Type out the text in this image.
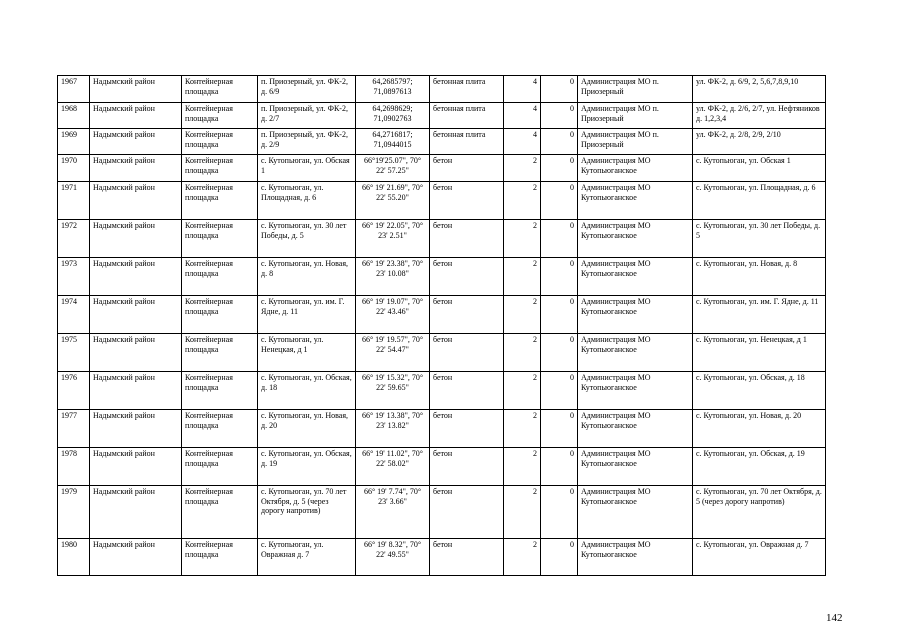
1967	Надымский район	Контейнерная площадка	п. Приозерный, ул. ФК-2, д. 6/9	64,2685797; 71,0897613	бетонная плита	4	0	Администрация МО п. Приозерный	ул. ФК-2, д. 6/9, 2, 5,6,7,8,9,10
1968	Надымский район	Контейнерная площадка	п. Приозерный, ул. ФК-2, д. 2/7	64,2698629; 71,0902763	бетонная плита	4	0	Администрация МО п. Приозерный	ул. ФК-2, д. 2/6, 2/7, ул. Нефтяников д. 1,2,3,4
1969	Надымский район	Контейнерная площадка	п. Приозерный, ул. ФК-2, д. 2/9	64,2716817; 71,0944015	бетонная плита	4	0	Администрация МО п. Приозерный	ул. ФК-2, д. 2/8, 2/9, 2/10
1970	Надымский район	Контейнерная площадка	с. Кутопьюган, ул. Обская 1	66°19'25.07", 70° 22' 57.25"	бетон	2	0	Администрация МО Кутопьюганское	с. Кутопьюган, ул. Обская 1
1971	Надымский район	Контейнерная площадка	с. Кутопьюган, ул. Площадная, д. 6	66° 19' 21.69", 70° 22' 55.20"	бетон	2	0	Администрация МО Кутопьюганское	с. Кутопьюган, ул. Площадная, д. 6
1972	Надымский район	Контейнерная площадка	с. Кутопьюган, ул. 30 лет Победы, д. 5	66° 19' 22.05", 70° 23' 2.51"	бетон	2	0	Администрация МО Кутопьюганское	с. Кутопьюган, ул. 30 лет Победы, д. 5
1973	Надымский район	Контейнерная площадка	с. Кутопьюган, ул. Новая, д. 8	66° 19' 23.38", 70° 23' 10.08"	бетон	2	0	Администрация МО Кутопьюганское	с. Кутопьюган, ул. Новая, д. 8
1974	Надымский район	Контейнерная площадка	с. Кутопьюган, ул. им. Г. Ядне, д. 11	66° 19' 19.07", 70° 22' 43.46"	бетон	2	0	Администрация МО Кутопьюганское	с. Кутопьюган, ул. им. Г. Ядне, д. 11
1975	Надымский район	Контейнерная площадка	с. Кутопьюган, ул. Ненецкая, д 1	66° 19' 19.57", 70° 22' 54.47"	бетон	2	0	Администрация МО Кутопьюганское	с. Кутопьюган, ул. Ненецкая, д 1
1976	Надымский район	Контейнерная площадка	с. Кутопьюган, ул. Обская, д. 18	66° 19' 15.32", 70° 22' 59.65"	бетон	2	0	Администрация МО Кутопьюганское	с. Кутопьюган, ул. Обская, д. 18
1977	Надымский район	Контейнерная площадка	с. Кутопьюган, ул. Новая, д. 20	66° 19' 13.38", 70° 23' 13.82"	бетон	2	0	Администрация МО Кутопьюганское	с. Кутопьюган, ул. Новая, д. 20
1978	Надымский район	Контейнерная площадка	с. Кутопьюган, ул. Обская, д. 19	66° 19' 11.02", 70° 22' 58.02"	бетон	2	0	Администрация МО Кутопьюганское	с. Кутопьюган, ул. Обская, д. 19
1979	Надымский район	Контейнерная площадка	с. Кутопьюган, ул. 70 лет Октября, д. 5 (через дорогу напротив)	66° 19' 7.74", 70° 23' 3.66"	бетон	2	0	Администрация МО Кутопьюганское	с. Кутопьюган, ул. 70 лет Октября, д. 5 (через дорогу напротив)
1980	Надымский район	Контейнерная площадка	с. Кутопьюган, ул. Овражная д. 7	66° 19' 8.32", 70° 22' 49.55"	бетон	2	0	Администрация МО Кутопьюганское	с. Кутопьюган, ул. Овражная д. 7
142
